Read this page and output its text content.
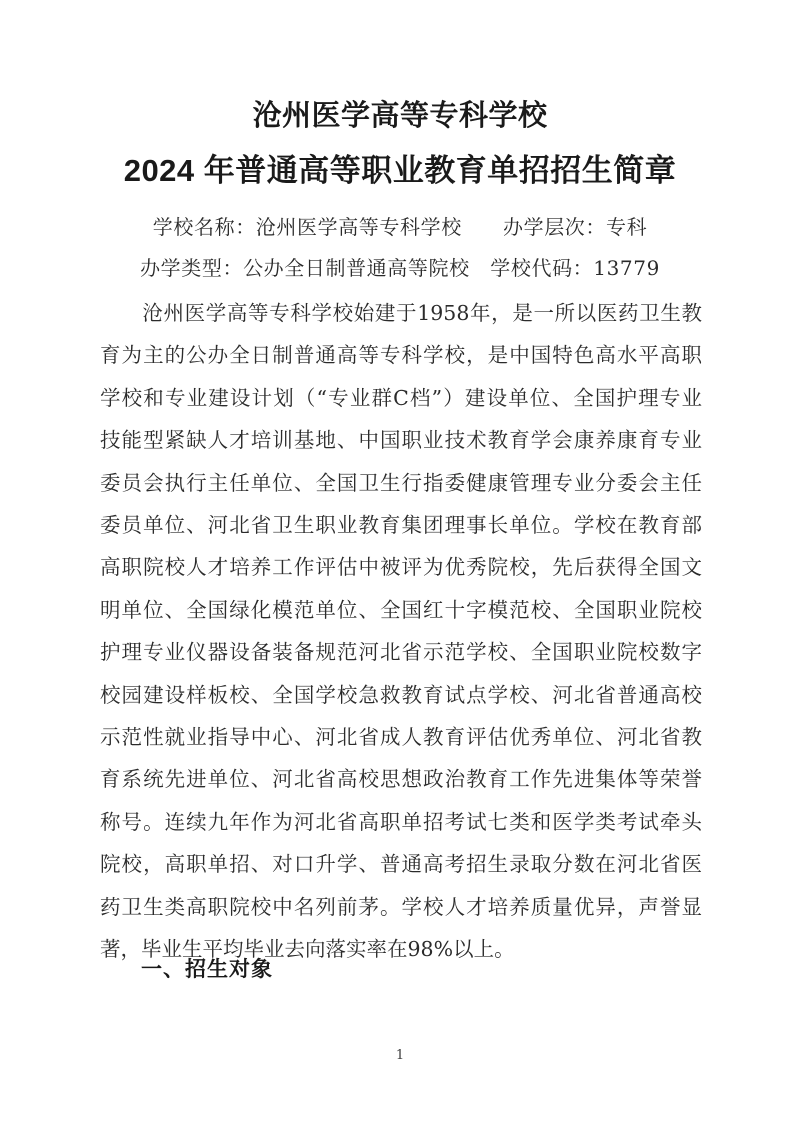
沧州医学高等专科学校
2024 年普通高等职业教育单招招生简章
学校名称：沧州医学高等专科学校　　办学层次：专科
办学类型：公办全日制普通高等院校　学校代码：13779
　　沧州医学高等专科学校始建于1958年，是一所以医药卫生教
育为主的公办全日制普通高等专科学校，是中国特色高水平高职
学校和专业建设计划（“专业群C档”）建设单位、全国护理专业
技能型紧缺人才培训基地、中国职业技术教育学会康养康育专业
委员会执行主任单位、全国卫生行指委健康管理专业分委会主任
委员单位、河北省卫生职业教育集团理事长单位。学校在教育部
高职院校人才培养工作评估中被评为优秀院校，先后获得全国文
明单位、全国绿化模范单位、全国红十字模范校、全国职业院校
护理专业仪器设备装备规范河北省示范学校、全国职业院校数字
校园建设样板校、全国学校急救教育试点学校、河北省普通高校
示范性就业指导中心、河北省成人教育评估优秀单位、河北省教
育系统先进单位、河北省高校思想政治教育工作先进集体等荣誉
称号。连续九年作为河北省高职单招考试七类和医学类考试牵头
院校，高职单招、对口升学、普通高考招生录取分数在河北省医
药卫生类高职院校中名列前茅。学校人才培养质量优异，声誉显
著，毕业生平均毕业去向落实率在98%以上。
一、招生对象
1
